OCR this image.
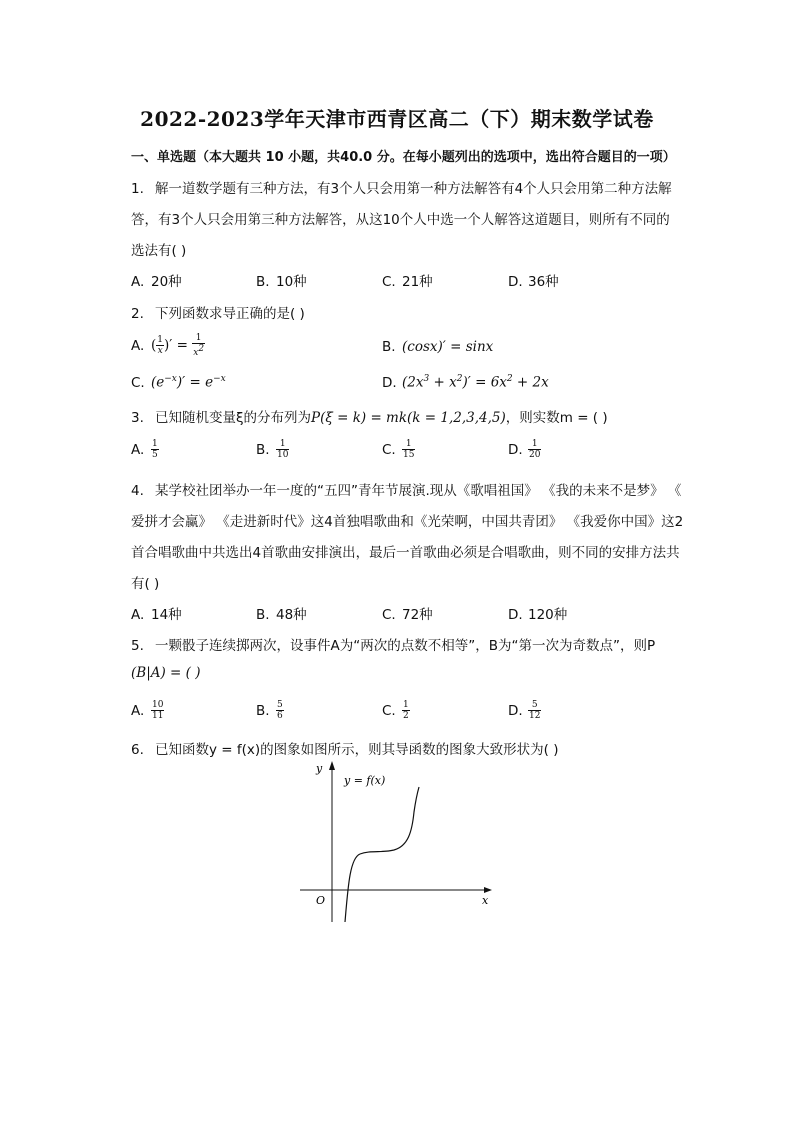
2022-2023学年天津市西青区高二（下）期末数学试卷
一、单选题（本大题共 10 小题，共40.0 分。在每小题列出的选项中，选出符合题目的一项）
1. 解一道数学题有三种方法，有3个人只会用第一种方法解答有4个人只会用第二种方法解
答，有3个人只会用第三种方法解答，从这10个人中选一个人解答这道题目，则所有不同的
选法有( )
A. 20种	B. 10种	C. 21种	D. 36种
2. 下列函数求导正确的是( )
A. ( $\frac{1}{x}$ )′ = $\frac{1}{x^2}$	B. (cosx)′ = sinx
C. $(e^{-x})' = e^{-x}$	D. $(2x^3 + x^2)' = 6x^2 + 2x$
3. 已知随机变量ξ的分布列为P(ξ = k) = mk(k = 1,2,3,4,5)，则实数m = ( )
A. $\frac{1}{5}$	B. $\frac{1}{10}$	C. $\frac{1}{15}$	D. $\frac{1}{20}$
4. 某学校社团举办一年一度的“五四”青年节展演.现从《歌唱祖国》 《我的未来不是梦》 《
爱拼才会赢》 《走进新时代》这4首独唱歌曲和《光荣啊，中国共青团》 《我爱你中国》这2
首合唱歌曲中共选出4首歌曲安排演出，最后一首歌曲必须是合唱歌曲，则不同的安排方法共
有( )
A. 14种	B. 48种	C. 72种	D. 120种
5. 一颗骰子连续掷两次，设事件A为“两次的点数不相等”，B为“第一次为奇数点”，则P
(B|A) = ( )
A. $\frac{10}{11}$	B. $\frac{5}{6}$	C. $\frac{1}{2}$	D. $\frac{5}{12}$
6. 已知函数y = f(x)的图象如图所示，则其导函数的图象大致形状为( )
y
x
O
y = f(x)
